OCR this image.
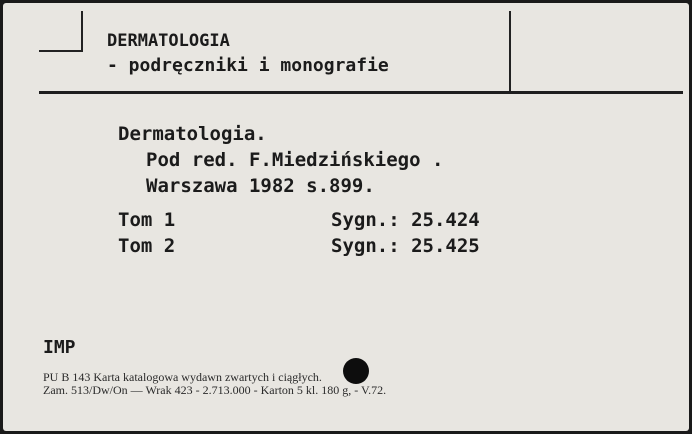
DERMATOLOGIA
- podręczniki i monografie
Dermatologia.
Pod red. F.Miedzińskiego .
Warszawa 1982 s.899.
Tom 1	Sygn.: 25.424
Tom 2	Sygn.: 25.425
IMP
PU B 143 Karta katalogowa wydawn zwartych i ciągłych.
Zam. 513/Dw/On — Wrak 423 - 2.713.000 - Karton 5 kl. 180 g, - V.72.
